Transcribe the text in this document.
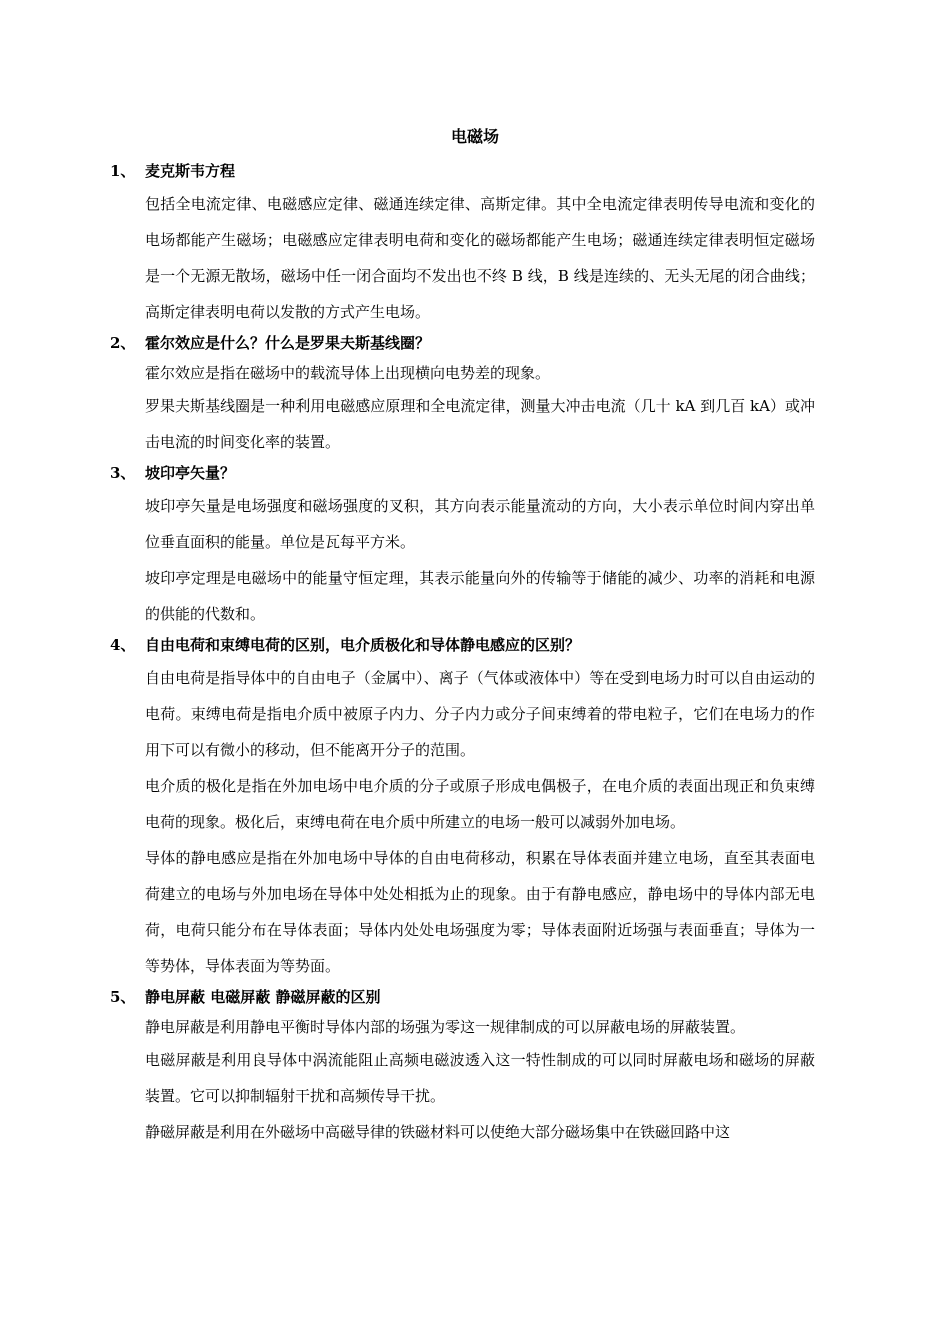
电磁场
1、 麦克斯韦方程

包括全电流定律、电磁感应定律、磁通连续定律、高斯定律。其中全电流定律表明传导电流和变化的电场都能产生磁场；电磁感应定律表明电荷和变化的磁场都能产生电场；磁通连续定律表明恒定磁场是一个无源无散场，磁场中任一闭合面均不发出也不终 B 线，B 线是连续的、无头无尾的闭合曲线；高斯定律表明电荷以发散的方式产生电场。

2、 霍尔效应是什么？什么是罗果夫斯基线圈？

霍尔效应是指在磁场中的载流导体上出现横向电势差的现象。

罗果夫斯基线圈是一种利用电磁感应原理和全电流定律，测量大冲击电流（几十 kA 到几百 kA）或冲击电流的时间变化率的装置。

3、 坡印亭矢量？

坡印亭矢量是电场强度和磁场强度的叉积，其方向表示能量流动的方向，大小表示单位时间内穿出单位垂直面积的能量。单位是瓦每平方米。

坡印亭定理是电磁场中的能量守恒定理，其表示能量向外的传输等于储能的减少、功率的消耗和电源的供能的代数和。

4、 自由电荷和束缚电荷的区别，电介质极化和导体静电感应的区别？

自由电荷是指导体中的自由电子（金属中）、离子（气体或液体中）等在受到电场力时可以自由运动的电荷。束缚电荷是指电介质中被原子内力、分子内力或分子间束缚着的带电粒子，它们在电场力的作用下可以有微小的移动，但不能离开分子的范围。

电介质的极化是指在外加电场中电介质的分子或原子形成电偶极子，在电介质的表面出现正和负束缚电荷的现象。极化后，束缚电荷在电介质中所建立的电场一般可以减弱外加电场。

导体的静电感应是指在外加电场中导体的自由电荷移动，积累在导体表面并建立电场，直至其表面电荷建立的电场与外加电场在导体中处处相抵为止的现象。由于有静电感应，静电场中的导体内部无电荷，电荷只能分布在导体表面；导体内处处电场强度为零；导体表面附近场强与表面垂直；导体为一等势体，导体表面为等势面。

5、 静电屏蔽 电磁屏蔽 静磁屏蔽的区别

静电屏蔽是利用静电平衡时导体内部的场强为零这一规律制成的可以屏蔽电场的屏蔽装置。

电磁屏蔽是利用良导体中涡流能阻止高频电磁波透入这一特性制成的可以同时屏蔽电场和磁场的屏蔽装置。它可以抑制辐射干扰和高频传导干扰。

静磁屏蔽是利用在外磁场中高磁导律的铁磁材料可以使绝大部分磁场集中在铁磁回路中这
